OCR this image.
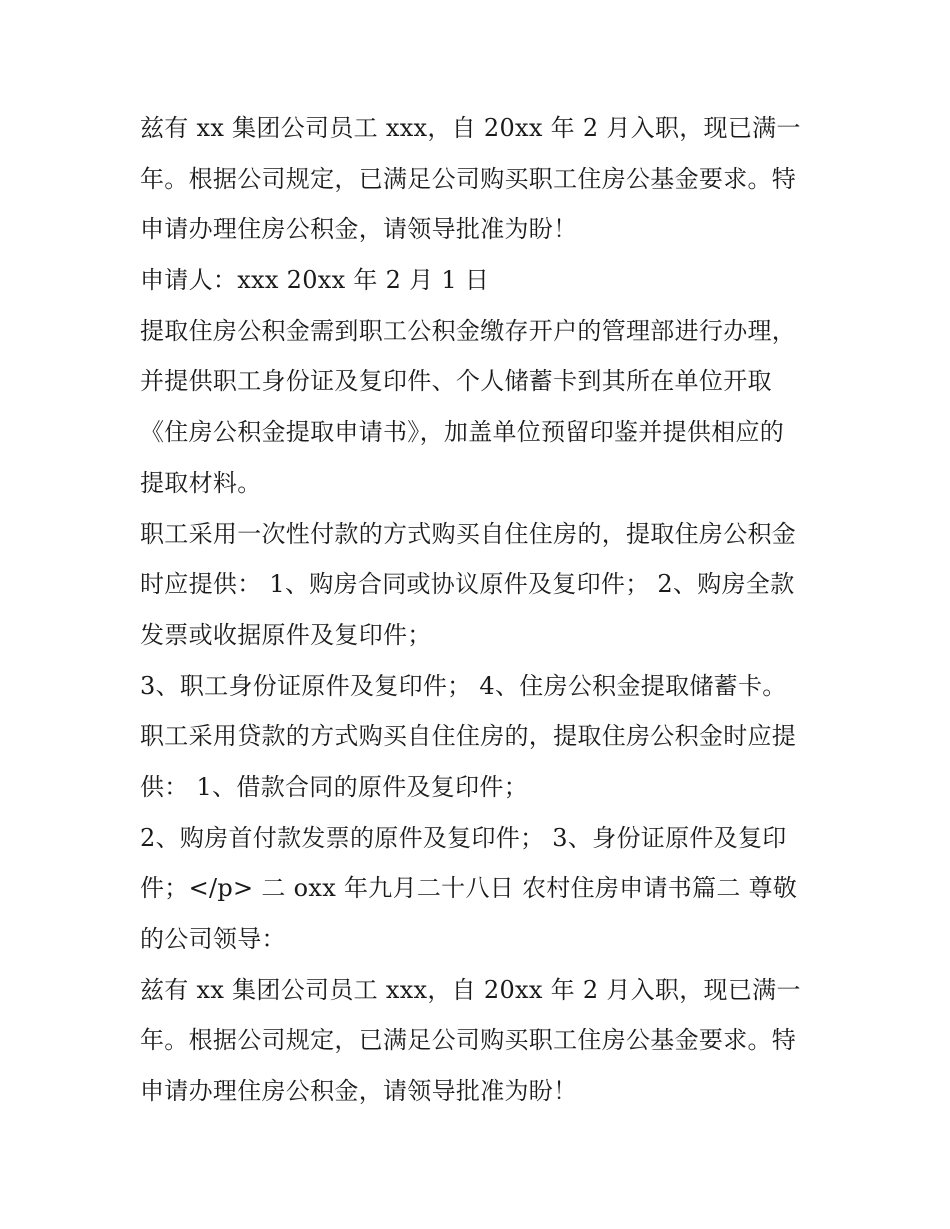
兹有 xx 集团公司员工 xxx，自 20xx 年 2 月入职，现已满一
年。根据公司规定，已满足公司购买职工住房公基金要求。特
申请办理住房公积金，请领导批准为盼！
申请人：xxx 20xx 年 2 月 1 日
提取住房公积金需到职工公积金缴存开户的管理部进行办理，
并提供职工身份证及复印件、个人储蓄卡到其所在单位开取
《住房公积金提取申请书》，加盖单位预留印鉴并提供相应的
提取材料。
职工采用一次性付款的方式购买自住住房的，提取住房公积金
时应提供： 1、购房合同或协议原件及复印件； 2、购房全款
发票或收据原件及复印件；
3、职工身份证原件及复印件； 4、住房公积金提取储蓄卡。
职工采用贷款的方式购买自住住房的，提取住房公积金时应提
供： 1、借款合同的原件及复印件；
2、购房首付款发票的原件及复印件； 3、身份证原件及复印
件；</p> 二 oxx 年九月二十八日 农村住房申请书篇二 尊敬
的公司领导：
兹有 xx 集团公司员工 xxx，自 20xx 年 2 月入职，现已满一
年。根据公司规定，已满足公司购买职工住房公基金要求。特
申请办理住房公积金，请领导批准为盼！
